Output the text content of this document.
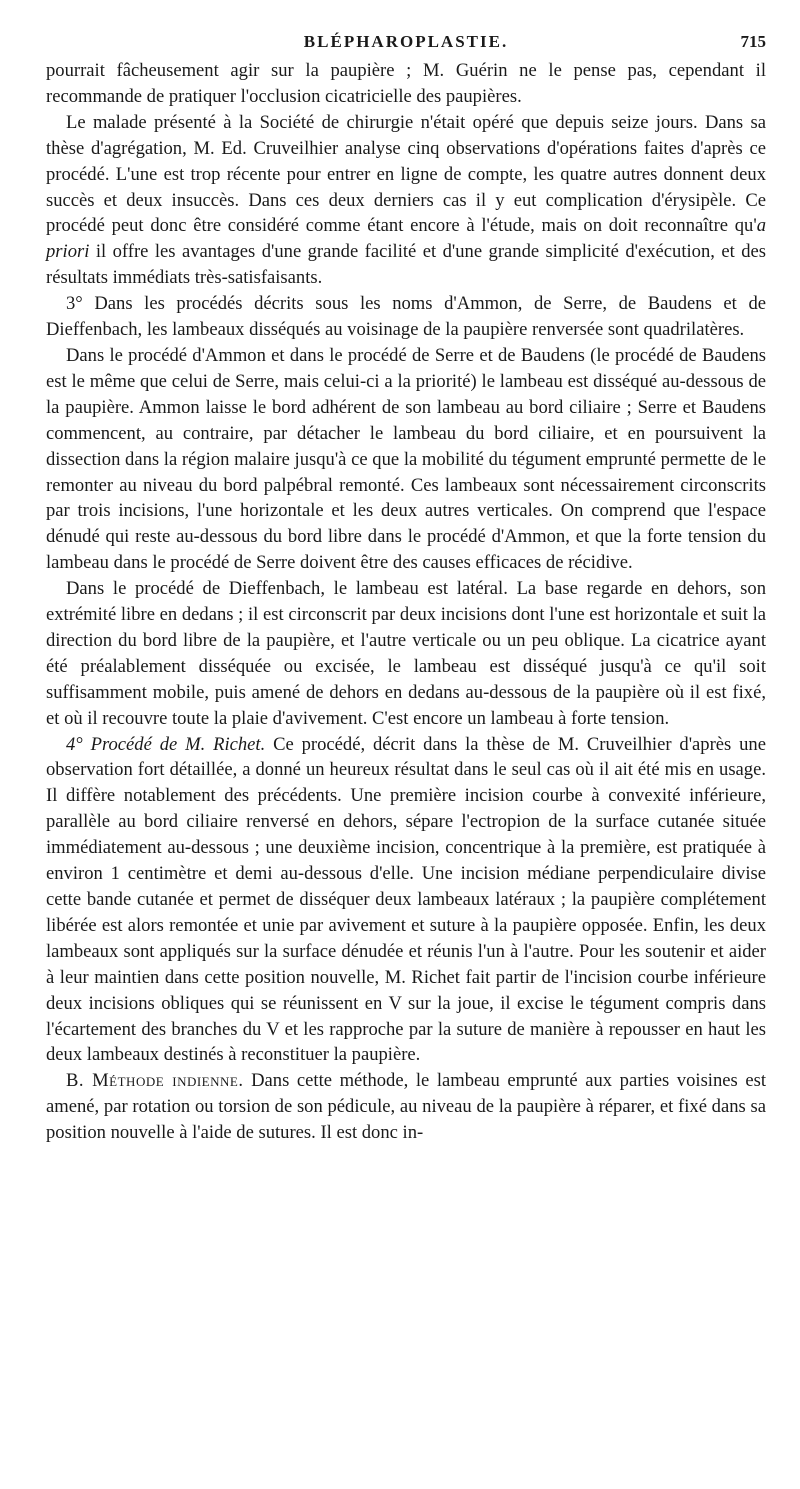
BLÉPHAROPLASTIE.	715

pourrait fâcheusement agir sur la paupière ; M. Guérin ne le pense pas, cependant il recommande de pratiquer l'occlusion cicatricielle des paupières.

Le malade présenté à la Société de chirurgie n'était opéré que depuis seize jours. Dans sa thèse d'agrégation, M. Ed. Cruveilhier analyse cinq observations d'opérations faites d'après ce procédé. L'une est trop récente pour entrer en ligne de compte, les quatre autres donnent deux succès et deux insuccès. Dans ces deux derniers cas il y eut complication d'érysipèle. Ce procédé peut donc être considéré comme étant encore à l'étude, mais on doit reconnaître qu'a priori il offre les avantages d'une grande facilité et d'une grande simplicité d'exécution, et des résultats immédiats très-satisfaisants.

3° Dans les procédés décrits sous les noms d'Ammon, de Serre, de Baudens et de Dieffenbach, les lambeaux disséqués au voisinage de la paupière renversée sont quadrilatères.

Dans le procédé d'Ammon et dans le procédé de Serre et de Baudens (le procédé de Baudens est le même que celui de Serre, mais celui-ci a la priorité) le lambeau est disséqué au-dessous de la paupière. Ammon laisse le bord adhérent de son lambeau au bord ciliaire ; Serre et Baudens commencent, au contraire, par détacher le lambeau du bord ciliaire, et en poursuivent la dissection dans la région malaire jusqu'à ce que la mobilité du tégument emprunté permette de le remonter au niveau du bord palpébral remonté. Ces lambeaux sont nécessairement circonscrits par trois incisions, l'une horizontale et les deux autres verticales. On comprend que l'espace dénudé qui reste au-dessous du bord libre dans le procédé d'Ammon, et que la forte tension du lambeau dans le procédé de Serre doivent être des causes efficaces de récidive.

Dans le procédé de Dieffenbach, le lambeau est latéral. La base regarde en dehors, son extrémité libre en dedans ; il est circonscrit par deux incisions dont l'une est horizontale et suit la direction du bord libre de la paupière, et l'autre verticale ou un peu oblique. La cicatrice ayant été préalablement disséquée ou excisée, le lambeau est disséqué jusqu'à ce qu'il soit suffisamment mobile, puis amené de dehors en dedans au-dessous de la paupière où il est fixé, et où il recouvre toute la plaie d'avivement. C'est encore un lambeau à forte tension.

4° Procédé de M. Richet. Ce procédé, décrit dans la thèse de M. Cruveilhier d'après une observation fort détaillée, a donné un heureux résultat dans le seul cas où il ait été mis en usage. Il diffère notablement des précédents. Une première incision courbe à convexité inférieure, parallèle au bord ciliaire renversé en dehors, sépare l'ectropion de la surface cutanée située immédiatement au-dessous ; une deuxième incision, concentrique à la première, est pratiquée à environ 1 centimètre et demi au-dessous d'elle. Une incision médiane perpendiculaire divise cette bande cutanée et permet de disséquer deux lambeaux latéraux ; la paupière complétement libérée est alors remontée et unie par avivement et suture à la paupière opposée. Enfin, les deux lambeaux sont appliqués sur la surface dénudée et réunis l'un à l'autre. Pour les soutenir et aider à leur maintien dans cette position nouvelle, M. Richet fait partir de l'incision courbe inférieure deux incisions obliques qui se réunissent en V sur la joue, il excise le tégument compris dans l'écartement des branches du V et les rapproche par la suture de manière à repousser en haut les deux lambeaux destinés à reconstituer la paupière.

B. Méthode indienne. Dans cette méthode, le lambeau emprunté aux parties voisines est amené, par rotation ou torsion de son pédicule, au niveau de la paupière à réparer, et fixé dans sa position nouvelle à l'aide de sutures. Il est donc in-
